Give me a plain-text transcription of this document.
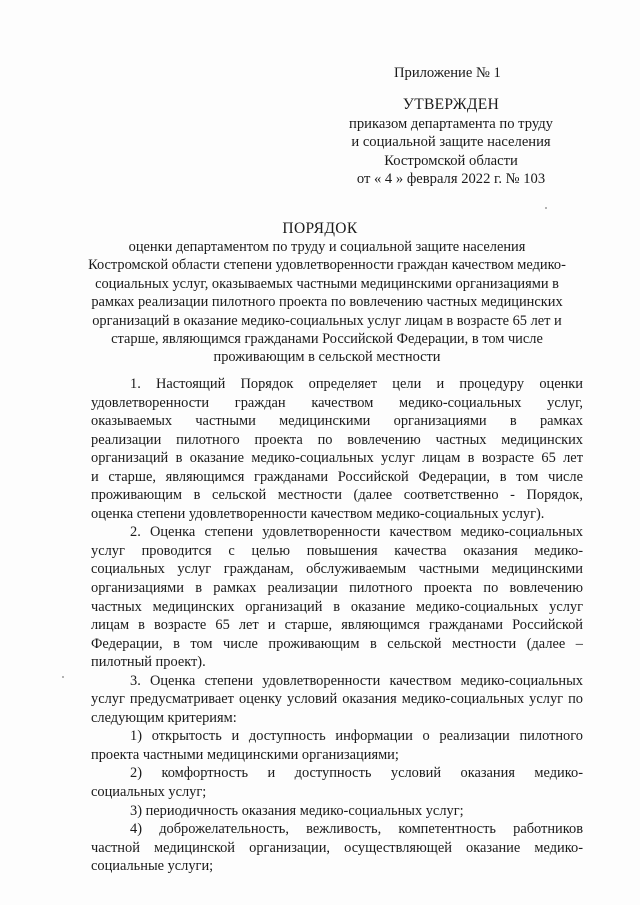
Приложение № 1
УТВЕРЖДЕН
приказом департамента по труду
и социальной защите населения
Костромской области
от « 4 » февраля 2022 г. № 103
ПОРЯДОК
оценки департаментом по труду и социальной защите населения
Костромской области степени удовлетворенности граждан качеством медико-
социальных услуг, оказываемых частными медицинскими организациями в
рамках реализации пилотного проекта по вовлечению частных медицинских
организаций в оказание медико-социальных услуг лицам в возрасте 65 лет и
старше, являющимся гражданами Российской Федерации, в том числе
проживающим в сельской местности
1. Настоящий Порядок определяет цели и процедуру оценки
удовлетворенности граждан качеством медико-социальных услуг,
оказываемых частными медицинскими организациями в рамках
реализации пилотного проекта по вовлечению частных медицинских
организаций в оказание медико-социальных услуг лицам в возрасте 65 лет
и старше, являющимся гражданами Российской Федерации, в том числе
проживающим в сельской местности (далее соответственно - Порядок,
оценка степени удовлетворенности качеством медико-социальных услуг).
2. Оценка степени удовлетворенности качеством медико-социальных
услуг проводится с целью повышения качества оказания медико-
социальных услуг гражданам, обслуживаемым частными медицинскими
организациями в рамках реализации пилотного проекта по вовлечению
частных медицинских организаций в оказание медико-социальных услуг
лицам в возрасте 65 лет и старше, являющимся гражданами Российской
Федерации, в том числе проживающим в сельской местности (далее –
пилотный проект).
3. Оценка степени удовлетворенности качеством медико-социальных
услуг предусматривает оценку условий оказания медико-социальных услуг по
следующим критериям:
1) открытость и доступность информации о реализации пилотного
проекта частными медицинскими организациями;
2) комфортность и доступность условий оказания медико-
социальных услуг;
3) периодичность оказания медико-социальных услуг;
4) доброжелательность, вежливость, компетентность работников
частной медицинской организации, осуществляющей оказание медико-
социальные услуги;
